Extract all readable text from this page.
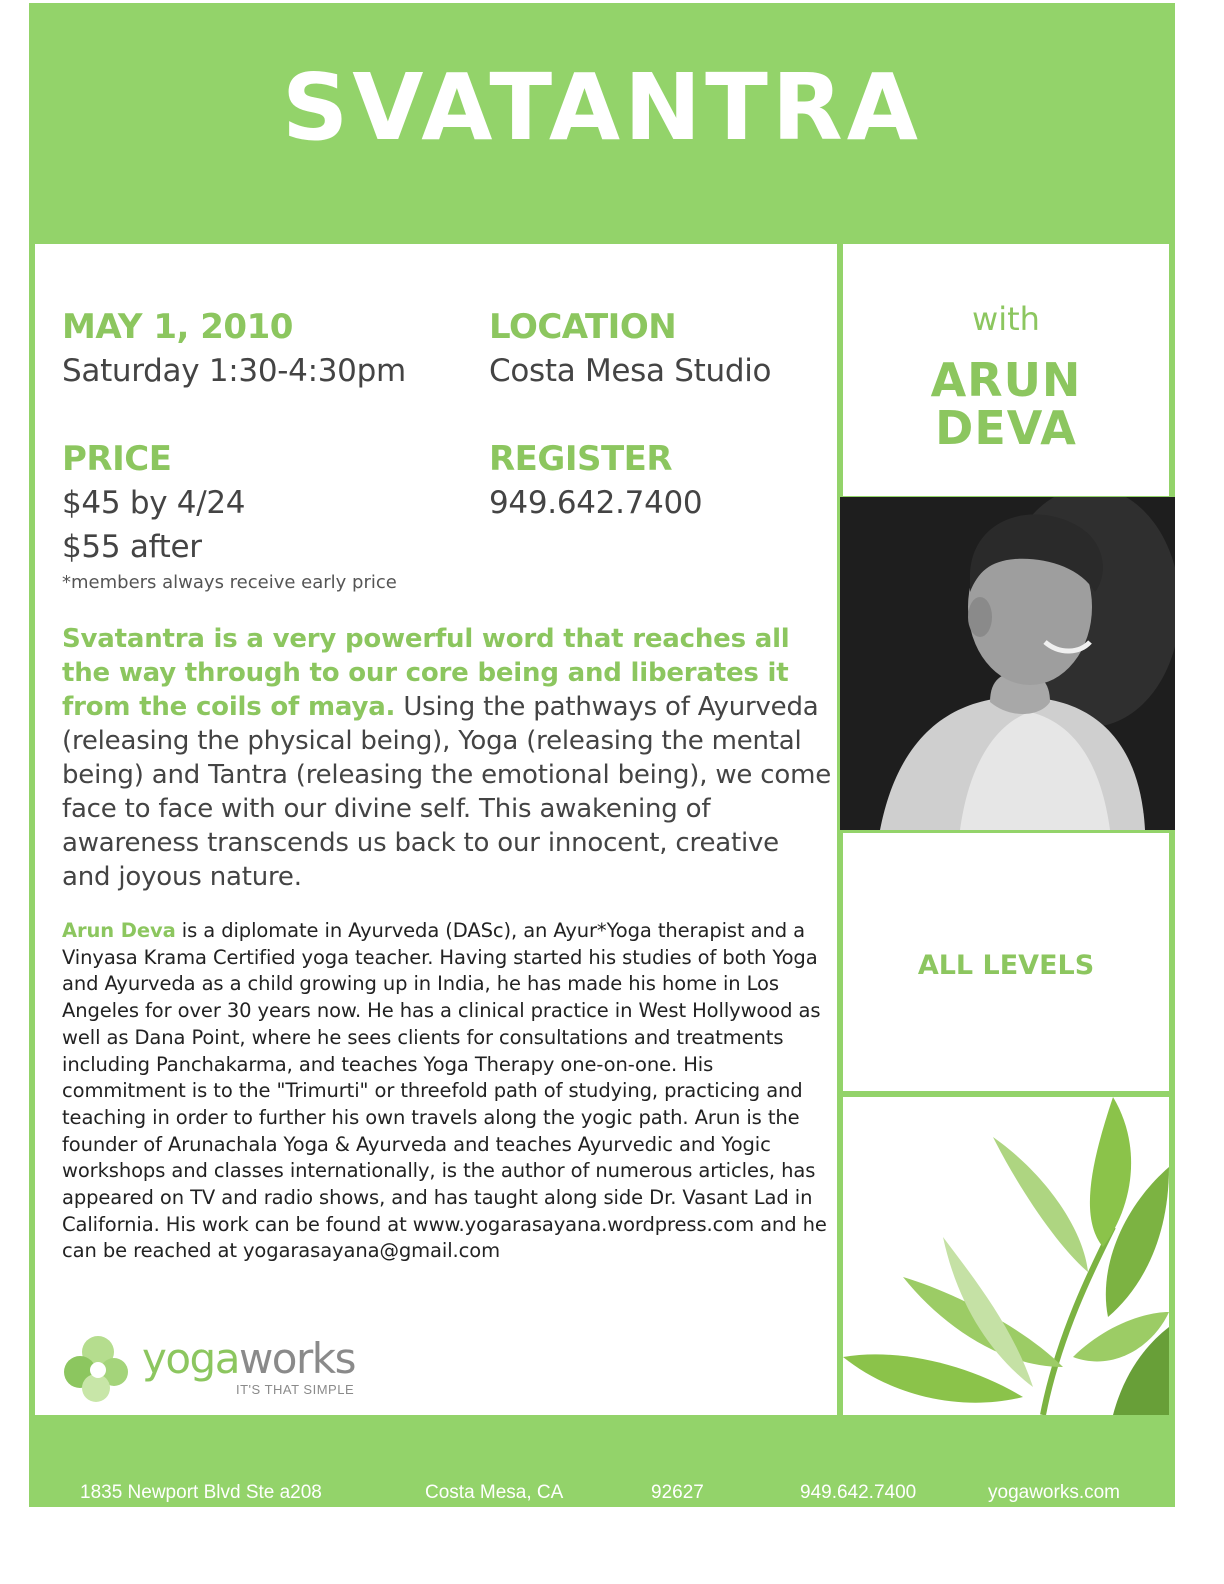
SVATANTRA
MAY 1, 2010
Saturday 1:30-4:30pm
LOCATION
Costa Mesa Studio
PRICE
$45 by 4/24
$55 after
*members always receive early price
REGISTER
949.642.7400
with
ARUN
DEVA
ALL LEVELS
Svatantra is a very powerful word that reaches all the way through to our core being and liberates it from the coils of maya. Using the pathways of Ayurveda (releasing the physical being), Yoga (releasing the mental being) and Tantra (releasing the emotional being), we come face to face with our divine self. This awakening of awareness transcends us back to our innocent, creative and joyous nature.
Arun Deva is a diplomate in Ayurveda (DASc), an Ayur*Yoga therapist and a Vinyasa Krama Certified yoga teacher. Having started his studies of both Yoga and Ayurveda as a child growing up in India, he has made his home in Los Angeles for over 30 years now. He has a clinical practice in West Hollywood as well as Dana Point, where he sees clients for consultations and treatments including Panchakarma, and teaches Yoga Therapy one-on-one. His commitment is to the "Trimurti" or threefold path of studying, practicing and teaching in order to further his own travels along the yogic path. Arun is the founder of Arunachala Yoga & Ayurveda and teaches Ayurvedic and Yogic workshops and classes internationally, is the author of numerous articles, has appeared on TV and radio shows, and has taught along side Dr. Vasant Lad in California. His work can be found at www.yogarasayana.wordpress.com and he can be reached at yogarasayana@gmail.com
yogaworks
IT'S THAT SIMPLE
1835 Newport Blvd Ste a208	Costa Mesa, CA	92627	949.642.7400	yogaworks.com
